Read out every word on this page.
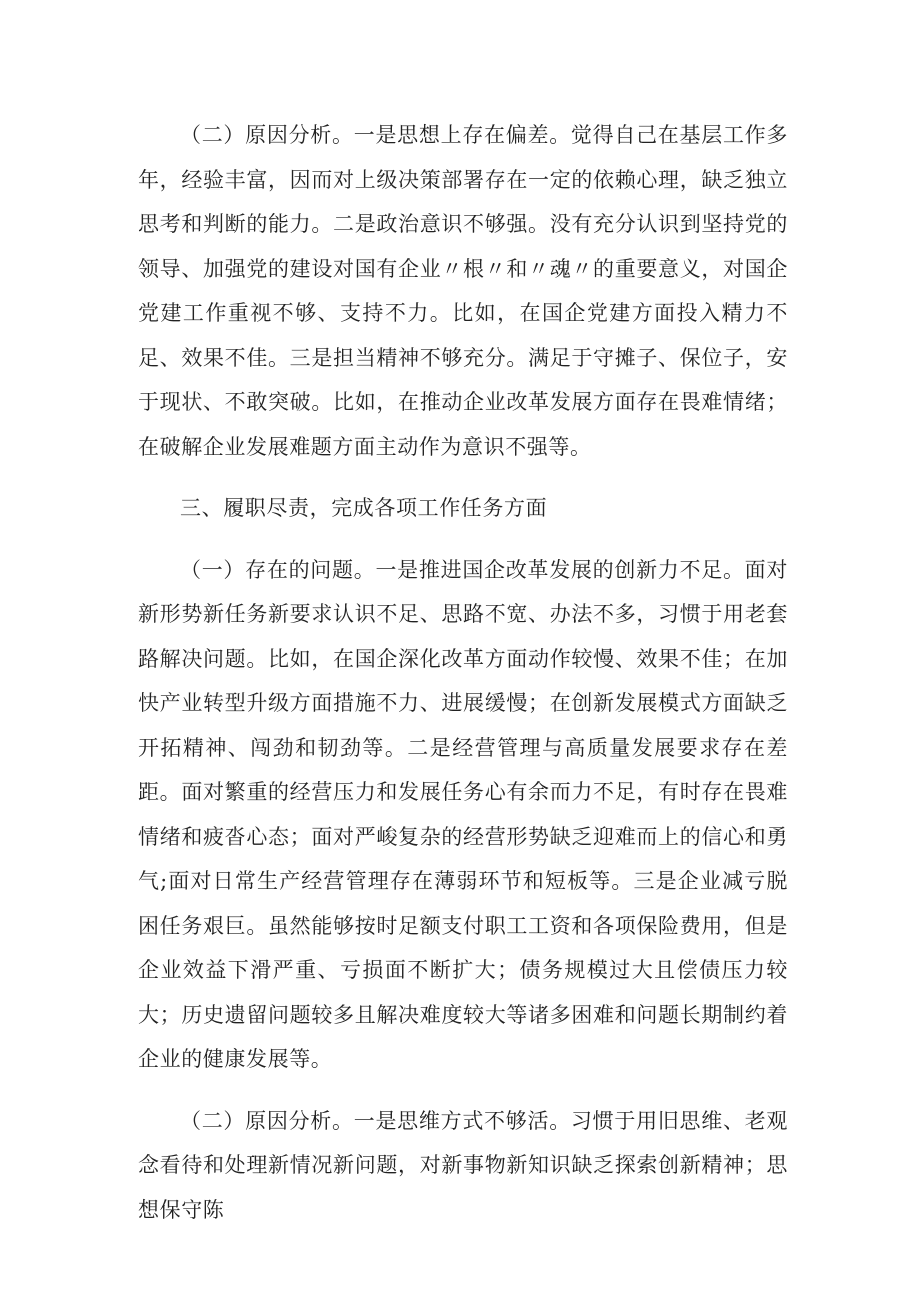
（二）原因分析。一是思想上存在偏差。觉得自己在基层工作多年，经验丰富，因而对上级决策部署存在一定的依赖心理，缺乏独立思考和判断的能力。二是政治意识不够强。没有充分认识到坚持党的领导、加强党的建设对国有企业〃根〃和〃魂〃的重要意义，对国企党建工作重视不够、支持不力。比如，在国企党建方面投入精力不足、效果不佳。三是担当精神不够充分。满足于守摊子、保位子，安于现状、不敢突破。比如，在推动企业改革发展方面存在畏难情绪；在破解企业发展难题方面主动作为意识不强等。

三、履职尽责，完成各项工作任务方面

（一）存在的问题。一是推进国企改革发展的创新力不足。面对新形势新任务新要求认识不足、思路不宽、办法不多，习惯于用老套路解决问题。比如，在国企深化改革方面动作较慢、效果不佳；在加快产业转型升级方面措施不力、进展缓慢；在创新发展模式方面缺乏开拓精神、闯劲和韧劲等。二是经营管理与高质量发展要求存在差距。面对繁重的经营压力和发展任务心有余而力不足，有时存在畏难情绪和疲沓心态；面对严峻复杂的经营形势缺乏迎难而上的信心和勇气;面对日常生产经营管理存在薄弱环节和短板等。三是企业减亏脱困任务艰巨。虽然能够按时足额支付职工工资和各项保险费用，但是企业效益下滑严重、亏损面不断扩大；债务规模过大且偿债压力较大；历史遗留问题较多且解决难度较大等诸多困难和问题长期制约着企业的健康发展等。

（二）原因分析。一是思维方式不够活。习惯于用旧思维、老观念看待和处理新情况新问题，对新事物新知识缺乏探索创新精神；思想保守陈
